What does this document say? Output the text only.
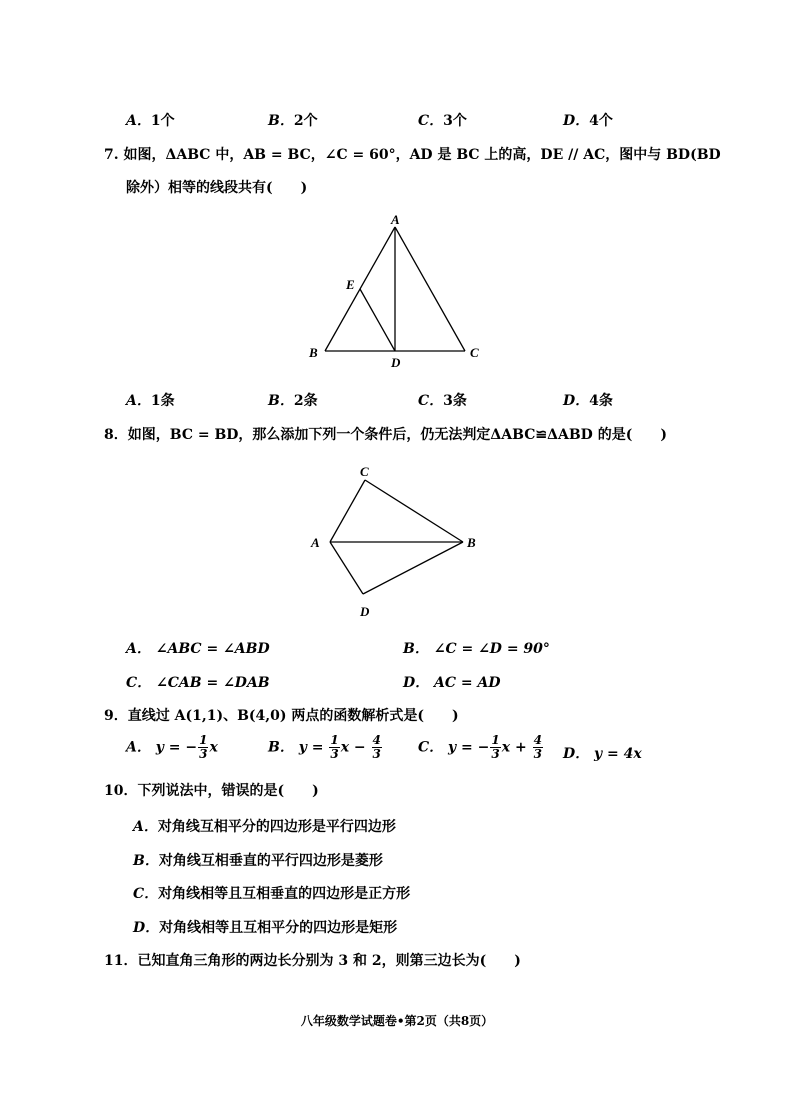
A．1个	B．2个	C．3个	D．4个
7. 如图，ΔABC 中，AB = BC，∠C = 60°，AD 是 BC 上的高，DE // AC，图中与 BD(BD
除外）相等的线段共有(　　)
A
B	C
D
E
A．1条	B．2条	C．3条	D．4条
8．如图，BC = BD，那么添加下列一个条件后，仍无法判定ΔABC≌ΔABD 的是(　　)
C
A	B
D
A． ∠ABC = ∠ABD	B． ∠C = ∠D = 90°
C． ∠CAB = ∠DAB	D． AC = AD
9．直线过 A(1,1)、B(4,0) 两点的函数解析式是(　　)
A． y = − $\frac{1}{3}$ x	B． $y = \frac{1}{3}$ $x - \frac{4}{3}$	C． y = − $\frac{1}{3}$ $x + \frac{4}{3}$ D． y = 4x
10．下列说法中，错误的是(　　)
A．对角线互相平分的四边形是平行四边形
B．对角线互相垂直的平行四边形是菱形
C．对角线相等且互相垂直的四边形是正方形
D．对角线相等且互相平分的四边形是矩形
11．已知直角三角形的两边长分别为 3 和 2，则第三边长为(　　)
八年级数学试题卷•第2页（共8页）
